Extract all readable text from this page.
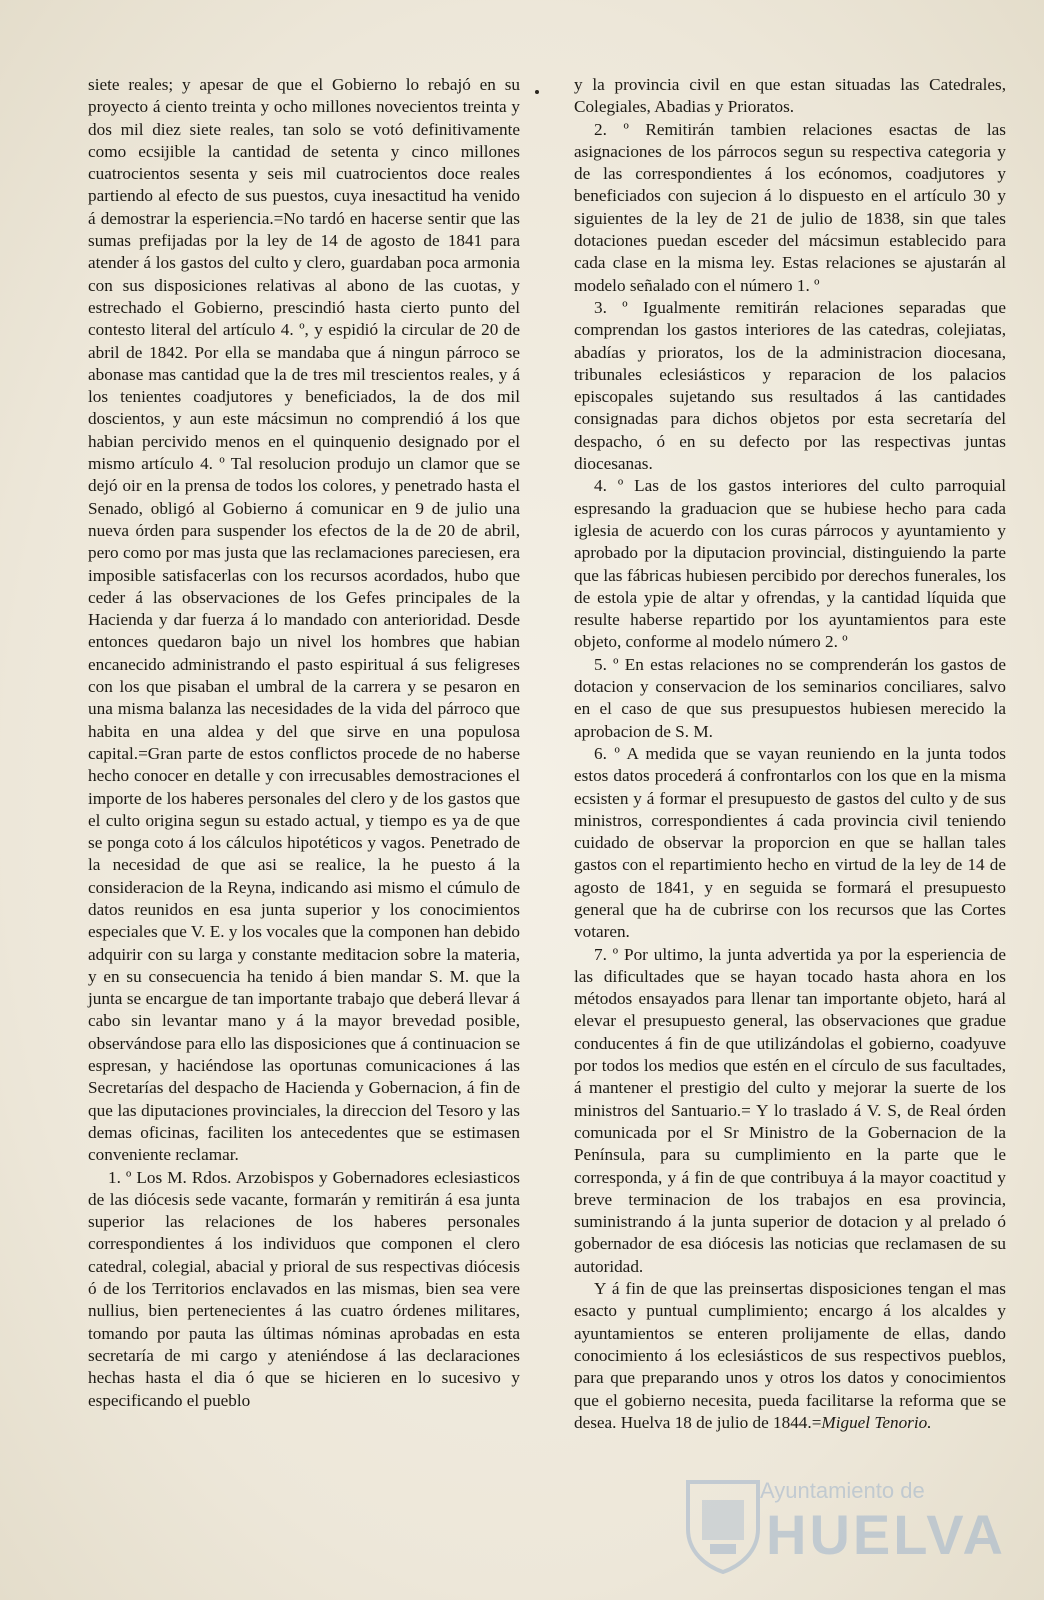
siete reales; y apesar de que el Gobierno lo rebajó en su proyecto á ciento treinta y ocho millones novecientos treinta y dos mil diez siete reales, tan solo se votó definitivamente como ecsijible la cantidad de setenta y cinco millones cuatrocientos sesenta y seis mil cuatrocientos doce reales partiendo al efecto de sus puestos, cuya inesactitud ha venido á demostrar la esperiencia.=No tardó en hacerse sentir que las sumas prefijadas por la ley de 14 de agosto de 1841 para atender á los gastos del culto y clero, guardaban poca armonia con sus disposiciones relativas al abono de las cuotas, y estrechado el Gobierno, prescindió hasta cierto punto del contesto literal del artículo 4. º, y espidió la circular de 20 de abril de 1842. Por ella se mandaba que á ningun párroco se abonase mas cantidad que la de tres mil trescientos reales, y á los tenientes coadjutores y beneficiados, la de dos mil doscientos, y aun este mácsimun no comprendió á los que habian percivido menos en el quinquenio designado por el mismo artículo 4. º Tal resolucion produjo un clamor que se dejó oir en la prensa de todos los colores, y penetrado hasta el Senado, obligó al Gobierno á comunicar en 9 de julio una nueva órden para suspender los efectos de la de 20 de abril, pero como por mas justa que las reclamaciones pareciesen, era imposible satisfacerlas con los recursos acordados, hubo que ceder á las observaciones de los Gefes principales de la Hacienda y dar fuerza á lo mandado con anterioridad. Desde entonces quedaron bajo un nivel los hombres que habian encanecido administrando el pasto espiritual á sus feligreses con los que pisaban el umbral de la carrera y se pesaron en una misma balanza las necesidades de la vida del párroco que habita en una aldea y del que sirve en una populosa capital.=Gran parte de estos conflictos procede de no haberse hecho conocer en detalle y con irrecusables demostraciones el importe de los haberes personales del clero y de los gastos que el culto origina segun su estado actual, y tiempo es ya de que se ponga coto á los cálculos hipotéticos y vagos. Penetrado de la necesidad de que asi se realice, la he puesto á la consideracion de la Reyna, indicando asi mismo el cúmulo de datos reunidos en esa junta superior y los conocimientos especiales que V. E. y los vocales que la componen han debido adquirir con su larga y constante meditacion sobre la materia, y en su consecuencia ha tenido á bien mandar S. M. que la junta se encargue de tan importante trabajo que deberá llevar á cabo sin levantar mano y á la mayor brevedad posible, observándose para ello las disposiciones que á continuacion se espresan, y haciéndose las oportunas comunicaciones á las Secretarías del despacho de Hacienda y Gobernacion, á fin de que las diputaciones provinciales, la direccion del Tesoro y las demas oficinas, faciliten los antecedentes que se estimasen conveniente reclamar.

1. º Los M. Rdos. Arzobispos y Gobernadores eclesiasticos de las diócesis sede vacante, formarán y remitirán á esa junta superior las relaciones de los haberes personales correspondientes á los individuos que componen el clero catedral, colegial, abacial y prioral de sus respectivas diócesis ó de los Territorios enclavados en las mismas, bien sea vere nullius, bien pertenecientes á las cuatro órdenes militares, tomando por pauta las últimas nóminas aprobadas en esta secretaría de mi cargo y ateniéndose á las declaraciones hechas hasta el dia ó que se hicieren en lo sucesivo y especificando el pueblo

y la provincia civil en que estan situadas las Catedrales, Colegiales, Abadias y Prioratos.

2. º Remitirán tambien relaciones esactas de las asignaciones de los párrocos segun su respectiva categoria y de las correspondientes á los ecónomos, coadjutores y beneficiados con sujecion á lo dispuesto en el artículo 30 y siguientes de la ley de 21 de julio de 1838, sin que tales dotaciones puedan esceder del mácsimun establecido para cada clase en la misma ley. Estas relaciones se ajustarán al modelo señalado con el número 1. º

3. º Igualmente remitirán relaciones separadas que comprendan los gastos interiores de las catedras, colejiatas, abadías y prioratos, los de la administracion diocesana, tribunales eclesiásticos y reparacion de los palacios episcopales sujetando sus resultados á las cantidades consignadas para dichos objetos por esta secretaría del despacho, ó en su defecto por las respectivas juntas diocesanas.

4. º Las de los gastos interiores del culto parroquial espresando la graduacion que se hubiese hecho para cada iglesia de acuerdo con los curas párrocos y ayuntamiento y aprobado por la diputacion provincial, distinguiendo la parte que las fábricas hubiesen percibido por derechos funerales, los de estola ypie de altar y ofrendas, y la cantidad líquida que resulte haberse repartido por los ayuntamientos para este objeto, conforme al modelo número 2. º

5. º En estas relaciones no se comprenderán los gastos de dotacion y conservacion de los seminarios conciliares, salvo en el caso de que sus presupuestos hubiesen merecido la aprobacion de S. M.

6. º A medida que se vayan reuniendo en la junta todos estos datos procederá á confrontarlos con los que en la misma ecsisten y á formar el presupuesto de gastos del culto y de sus ministros, correspondientes á cada provincia civil teniendo cuidado de observar la proporcion en que se hallan tales gastos con el repartimiento hecho en virtud de la ley de 14 de agosto de 1841, y en seguida se formará el presupuesto general que ha de cubrirse con los recursos que las Cortes votaren.

7. º Por ultimo, la junta advertida ya por la esperiencia de las dificultades que se hayan tocado hasta ahora en los métodos ensayados para llenar tan importante objeto, hará al elevar el presupuesto general, las observaciones que gradue conducentes á fin de que utilizándolas el gobierno, coadyuve por todos los medios que estén en el círculo de sus facultades, á mantener el prestigio del culto y mejorar la suerte de los ministros del Santuario.= Y lo traslado á V. S, de Real órden comunicada por el Sr Ministro de la Gobernacion de la Península, para su cumplimiento en la parte que le corresponda, y á fin de que contribuya á la mayor coactitud y breve terminacion de los trabajos en esa provincia, suministrando á la junta superior de dotacion y al prelado ó gobernador de esa diócesis las noticias que reclamasen de su autoridad.

Y á fin de que las preinsertas disposiciones tengan el mas esacto y puntual cumplimiento; encargo á los alcaldes y ayuntamientos se enteren prolijamente de ellas, dando conocimiento á los eclesiásticos de sus respectivos pueblos, para que preparando unos y otros los datos y conocimientos que el gobierno necesita, pueda facilitarse la reforma que se desea. Huelva 18 de julio de 1844.=Miguel Tenorio.

Ayuntamiento de
HUELVA
